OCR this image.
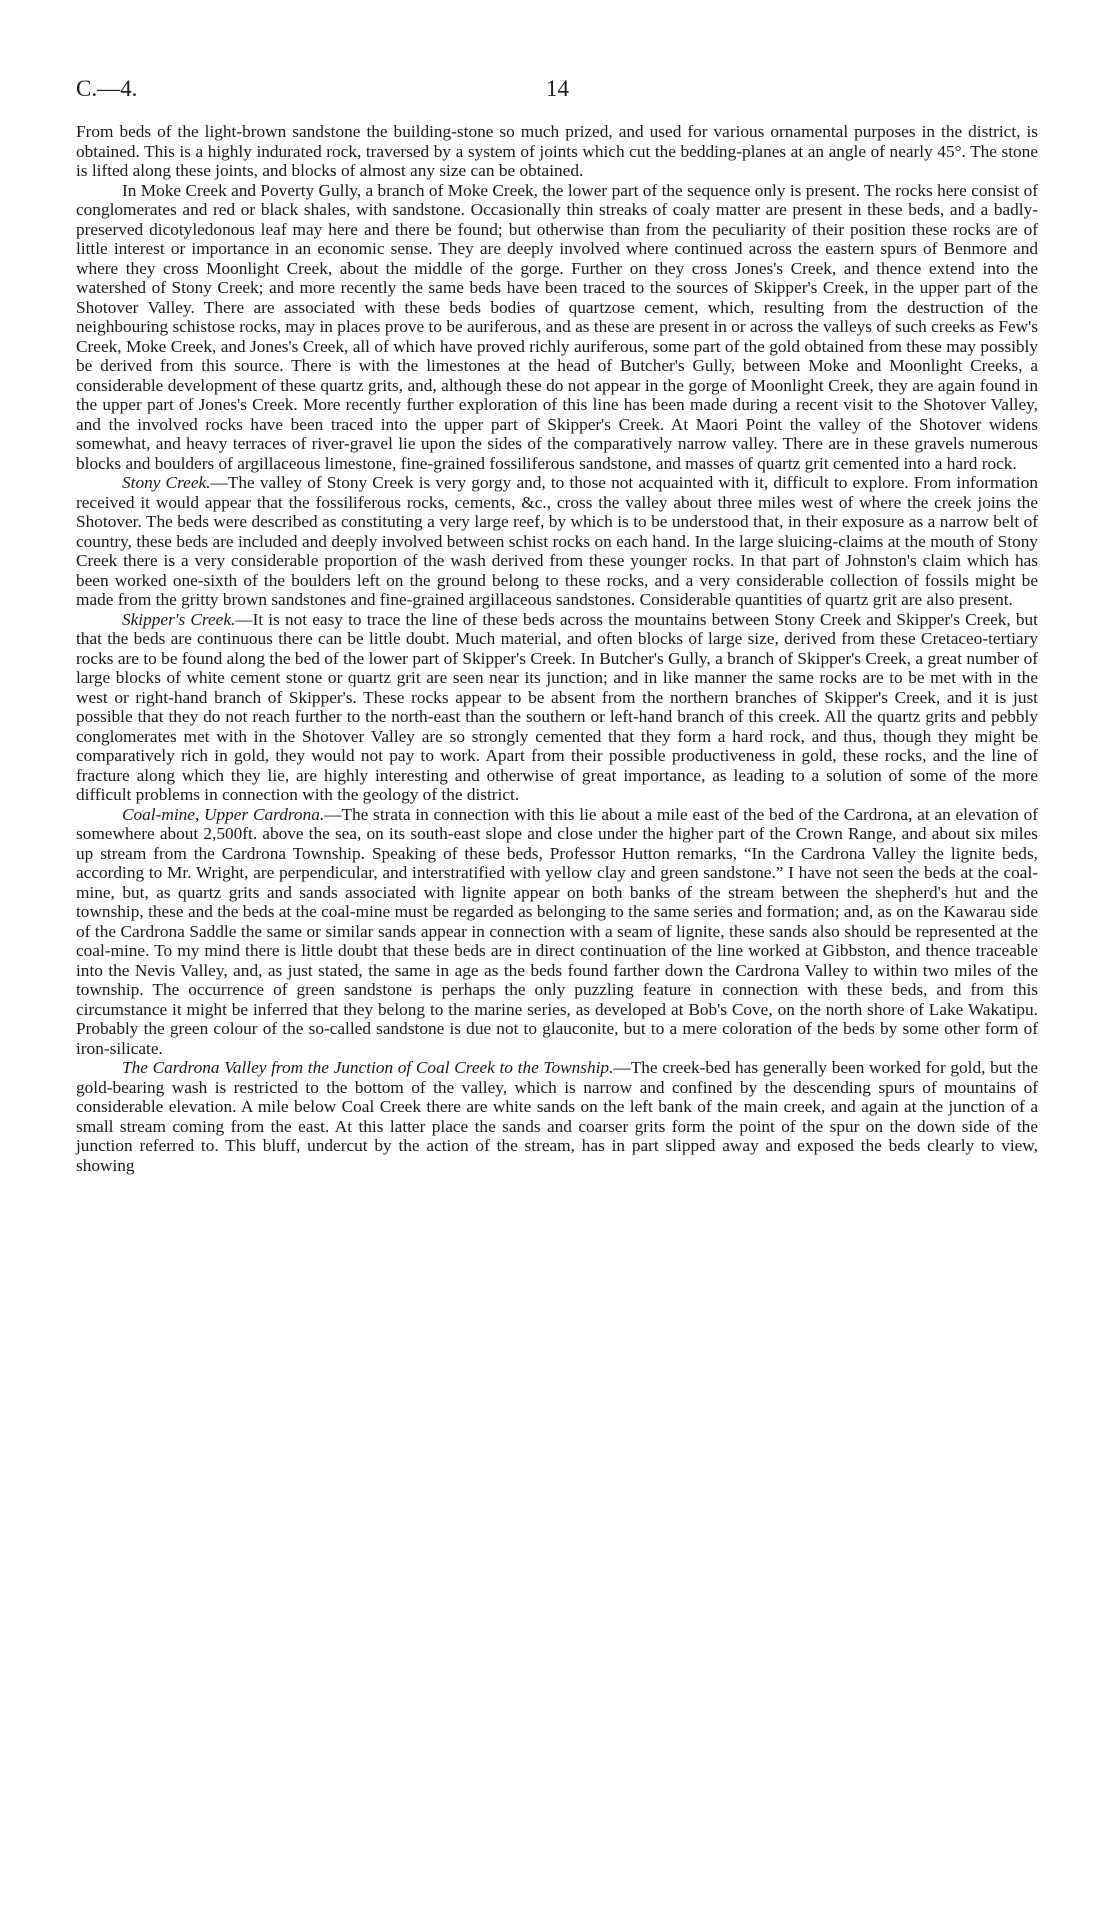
C.—4.	14

From beds of the light-brown sandstone the building-stone so much prized, and used for various ornamental purposes in the district, is obtained. This is a highly indurated rock, traversed by a system of joints which cut the bedding-planes at an angle of nearly 45°. The stone is lifted along these joints, and blocks of almost any size can be obtained.

In Moke Creek and Poverty Gully, a branch of Moke Creek, the lower part of the sequence only is present. The rocks here consist of conglomerates and red or black shales, with sandstone. Occasionally thin streaks of coaly matter are present in these beds, and a badly-preserved dicotyledonous leaf may here and there be found; but otherwise than from the peculiarity of their position these rocks are of little interest or importance in an economic sense. They are deeply involved where continued across the eastern spurs of Benmore and where they cross Moonlight Creek, about the middle of the gorge. Further on they cross Jones's Creek, and thence extend into the watershed of Stony Creek; and more recently the same beds have been traced to the sources of Skipper's Creek, in the upper part of the Shotover Valley. There are associated with these beds bodies of quartzose cement, which, resulting from the destruction of the neighbouring schistose rocks, may in places prove to be auriferous, and as these are present in or across the valleys of such creeks as Few's Creek, Moke Creek, and Jones's Creek, all of which have proved richly auriferous, some part of the gold obtained from these may possibly be derived from this source. There is with the limestones at the head of Butcher's Gully, between Moke and Moonlight Creeks, a considerable development of these quartz grits, and, although these do not appear in the gorge of Moonlight Creek, they are again found in the upper part of Jones's Creek. More recently further exploration of this line has been made during a recent visit to the Shotover Valley, and the involved rocks have been traced into the upper part of Skipper's Creek. At Maori Point the valley of the Shotover widens somewhat, and heavy terraces of river-gravel lie upon the sides of the comparatively narrow valley. There are in these gravels numerous blocks and boulders of argillaceous limestone, fine-grained fossiliferous sandstone, and masses of quartz grit cemented into a hard rock.

Stony Creek.—The valley of Stony Creek is very gorgy and, to those not acquainted with it, difficult to explore. From information received it would appear that the fossiliferous rocks, cements, &c., cross the valley about three miles west of where the creek joins the Shotover. The beds were described as constituting a very large reef, by which is to be understood that, in their exposure as a narrow belt of country, these beds are included and deeply involved between schist rocks on each hand. In the large sluicing-claims at the mouth of Stony Creek there is a very considerable proportion of the wash derived from these younger rocks. In that part of Johnston's claim which has been worked one-sixth of the boulders left on the ground belong to these rocks, and a very considerable collection of fossils might be made from the gritty brown sandstones and fine-grained argillaceous sandstones. Considerable quantities of quartz grit are also present.

Skipper's Creek.—It is not easy to trace the line of these beds across the mountains between Stony Creek and Skipper's Creek, but that the beds are continuous there can be little doubt. Much material, and often blocks of large size, derived from these Cretaceo-tertiary rocks are to be found along the bed of the lower part of Skipper's Creek. In Butcher's Gully, a branch of Skipper's Creek, a great number of large blocks of white cement stone or quartz grit are seen near its junction; and in like manner the same rocks are to be met with in the west or right-hand branch of Skipper's. These rocks appear to be absent from the northern branches of Skipper's Creek, and it is just possible that they do not reach further to the north-east than the southern or left-hand branch of this creek. All the quartz grits and pebbly conglomerates met with in the Shotover Valley are so strongly cemented that they form a hard rock, and thus, though they might be comparatively rich in gold, they would not pay to work. Apart from their possible productiveness in gold, these rocks, and the line of fracture along which they lie, are highly interesting and otherwise of great importance, as leading to a solution of some of the more difficult problems in connection with the geology of the district.

Coal-mine, Upper Cardrona.—The strata in connection with this lie about a mile east of the bed of the Cardrona, at an elevation of somewhere about 2,500ft. above the sea, on its south-east slope and close under the higher part of the Crown Range, and about six miles up stream from the Cardrona Township. Speaking of these beds, Professor Hutton remarks, “In the Cardrona Valley the lignite beds, according to Mr. Wright, are perpendicular, and interstratified with yellow clay and green sandstone.” I have not seen the beds at the coal-mine, but, as quartz grits and sands associated with lignite appear on both banks of the stream between the shepherd's hut and the township, these and the beds at the coal-mine must be regarded as belonging to the same series and formation; and, as on the Kawarau side of the Cardrona Saddle the same or similar sands appear in connection with a seam of lignite, these sands also should be represented at the coal-mine. To my mind there is little doubt that these beds are in direct continuation of the line worked at Gibbston, and thence traceable into the Nevis Valley, and, as just stated, the same in age as the beds found farther down the Cardrona Valley to within two miles of the township. The occurrence of green sandstone is perhaps the only puzzling feature in connection with these beds, and from this circumstance it might be inferred that they belong to the marine series, as developed at Bob's Cove, on the north shore of Lake Wakatipu. Probably the green colour of the so-called sandstone is due not to glauconite, but to a mere coloration of the beds by some other form of iron-silicate.

The Cardrona Valley from the Junction of Coal Creek to the Township.—The creek-bed has generally been worked for gold, but the gold-bearing wash is restricted to the bottom of the valley, which is narrow and confined by the descending spurs of mountains of considerable elevation. A mile below Coal Creek there are white sands on the left bank of the main creek, and again at the junction of a small stream coming from the east. At this latter place the sands and coarser grits form the point of the spur on the down side of the junction referred to. This bluff, undercut by the action of the stream, has in part slipped away and exposed the beds clearly to view, showing
